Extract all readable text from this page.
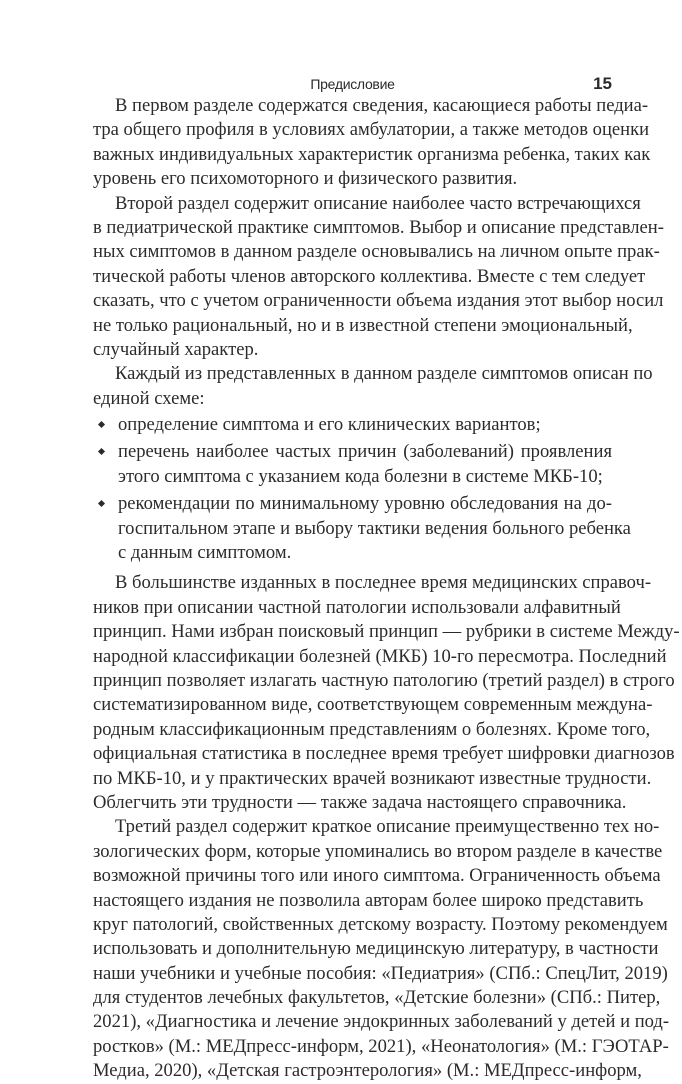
Предисловие	15
В первом разделе содержатся сведения, касающиеся работы педиа-
тра общего профиля в условиях амбулатории, а также методов оценки
важных индивидуальных характеристик организма ребенка, таких как
уровень его психомоторного и физического развития.
Второй раздел содержит описание наиболее часто встречающихся
в педиатрической практике симптомов. Выбор и описание представлен-
ных симптомов в данном разделе основывались на личном опыте прак-
тической работы членов авторского коллектива. Вместе с тем следует
сказать, что с учетом ограниченности объема издания этот выбор носил
не только рациональный, но и в известной степени эмоциональный,
случайный характер.
Каждый из представленных в данном разделе симптомов описан по
единой схеме:
определение симптома и его клинических вариантов;
перечень наиболее частых причин (заболеваний) проявления
этого симптома с указанием кода болезни в системе МКБ-10;
рекомендации по минимальному уровню обследования на до-
госпитальном этапе и выбору тактики ведения больного ребенка
с данным симптомом.
В большинстве изданных в последнее время медицинских справоч-
ников при описании частной патологии использовали алфавитный
принцип. Нами избран поисковый принцип — рубрики в системе Между-
народной классификации болезней (МКБ) 10-го пересмотра. Последний
принцип позволяет излагать частную патологию (третий раздел) в строго
систематизированном виде, соответствующем современным междуна-
родным классификационным представлениям о болезнях. Кроме того,
официальная статистика в последнее время требует шифровки диагнозов
по МКБ-10, и у практических врачей возникают известные трудности.
Облегчить эти трудности — также задача настоящего справочника.
Третий раздел содержит краткое описание преимущественно тех но-
зологических форм, которые упоминались во втором разделе в качестве
возможной причины того или иного симптома. Ограниченность объема
настоящего издания не позволила авторам более широко представить
круг патологий, свойственных детскому возрасту. Поэтому рекомендуем
использовать и дополнительную медицинскую литературу, в частности
наши учебники и учебные пособия: «Педиатрия» (СПб.: СпецЛит, 2019)
для студентов лечебных факультетов, «Детские болезни» (СПб.: Питер,
2021), «Диагностика и лечение эндокринных заболеваний у детей и под-
ростков» (М.: МЕДпресс-информ, 2021), «Неонатология» (М.: ГЭОТАР-
Медиа, 2020), «Детская гастроэнтерология» (М.: МЕДпресс-информ,
